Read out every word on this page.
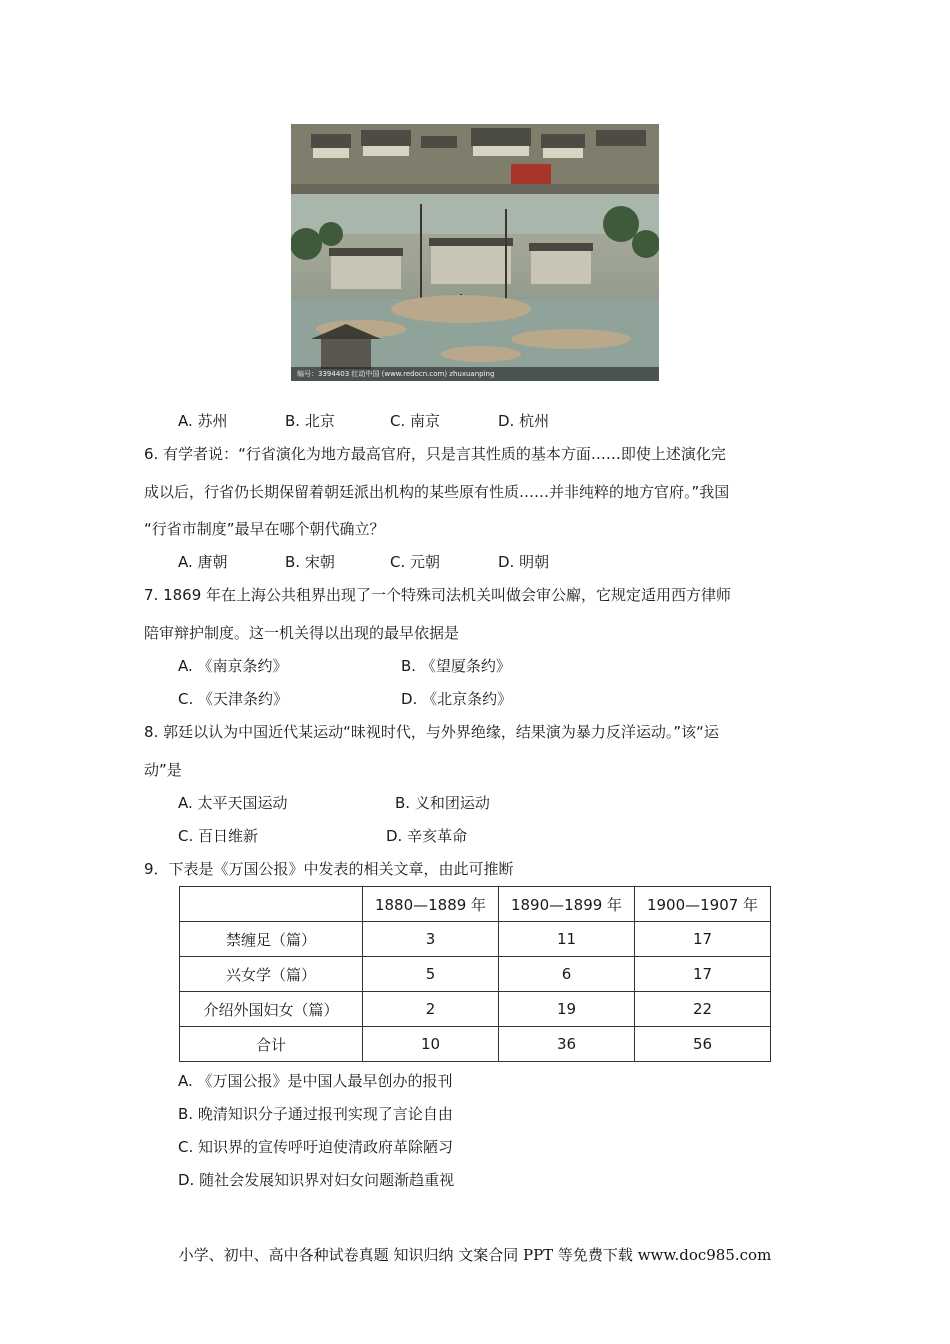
编号：3394403 红动中国 (www.redocn.com) zhuxuanping
A. 苏州	B. 北京	C. 南京	D. 杭州
6. 有学者说：“行省演化为地方最高官府，只是言其性质的基本方面……即使上述演化完
成以后，行省仍长期保留着朝廷派出机构的某些原有性质……并非纯粹的地方官府。”我国
“行省市制度”最早在哪个朝代确立？
A. 唐朝	B. 宋朝	C. 元朝	D. 明朝
7. 1869 年在上海公共租界出现了一个特殊司法机关叫做会审公廨，它规定适用西方律师
陪审辩护制度。这一机关得以出现的最早依据是
A. 《南京条约》	B. 《望厦条约》
C. 《天津条约》	D. 《北京条约》
8. 郭廷以认为中国近代某运动“昧视时代，与外界绝缘，结果演为暴力反洋运动。”该“运
动”是
A. 太平天国运动	B. 义和团运动
C. 百日维新	D. 辛亥革命
9．下表是《万国公报》中发表的相关文章，由此可推断
	1880—1889 年	1890—1899 年	1900—1907 年
禁缠足（篇）	3	11	17
兴女学（篇）	5	6	17
介绍外国妇女（篇）	2	19	22
合计	10	36	56
A. 《万国公报》是中国人最早创办的报刊
B. 晚清知识分子通过报刊实现了言论自由
C. 知识界的宣传呼吁迫使清政府革除陋习
D. 随社会发展知识界对妇女问题渐趋重视
小学、初中、高中各种试卷真题 知识归纳 文案合同 PPT 等免费下载 www.doc985.com
